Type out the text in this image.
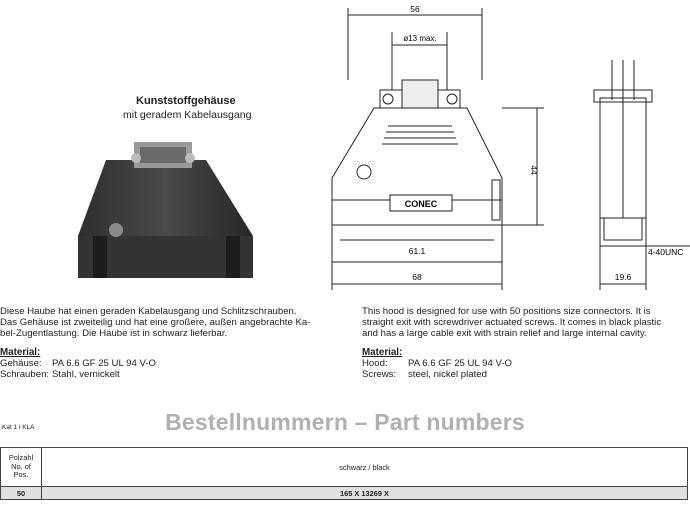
Kunststoffgehäuse
mit geradem Kabelausgang
56
ø13 max.
44
61.1
68
CONEC
4-40UNC
19.6
Diese Haube hat einen geraden Kabelausgang und Schlitzschrauben.
Das Gehäuse ist zweiteilig und hat eine großere, außen angebrachte Ka-
bel-Zugentlastung. Die Haube ist in schwarz lieferbar.
Material:
Gehäuse: PA 6.6 GF 25 UL 94 V-O
Schrauben: Stahl, vernickelt
This hood is designed for use with 50 positions size connectors. It is
straight exit with screwdriver actuated screws. It comes in black plastic
and has a large cable exit with strain relief and large internal cavity.
Material:
Hood: PA 6.6 GF 25 UL 94 V-O
Screws: steel, nickel plated
Kat 1 i KLA	Bestellnummern – Part numbers
Polzahl
No. of
Pos.	schwarz / black
50	165 X 13269 X
